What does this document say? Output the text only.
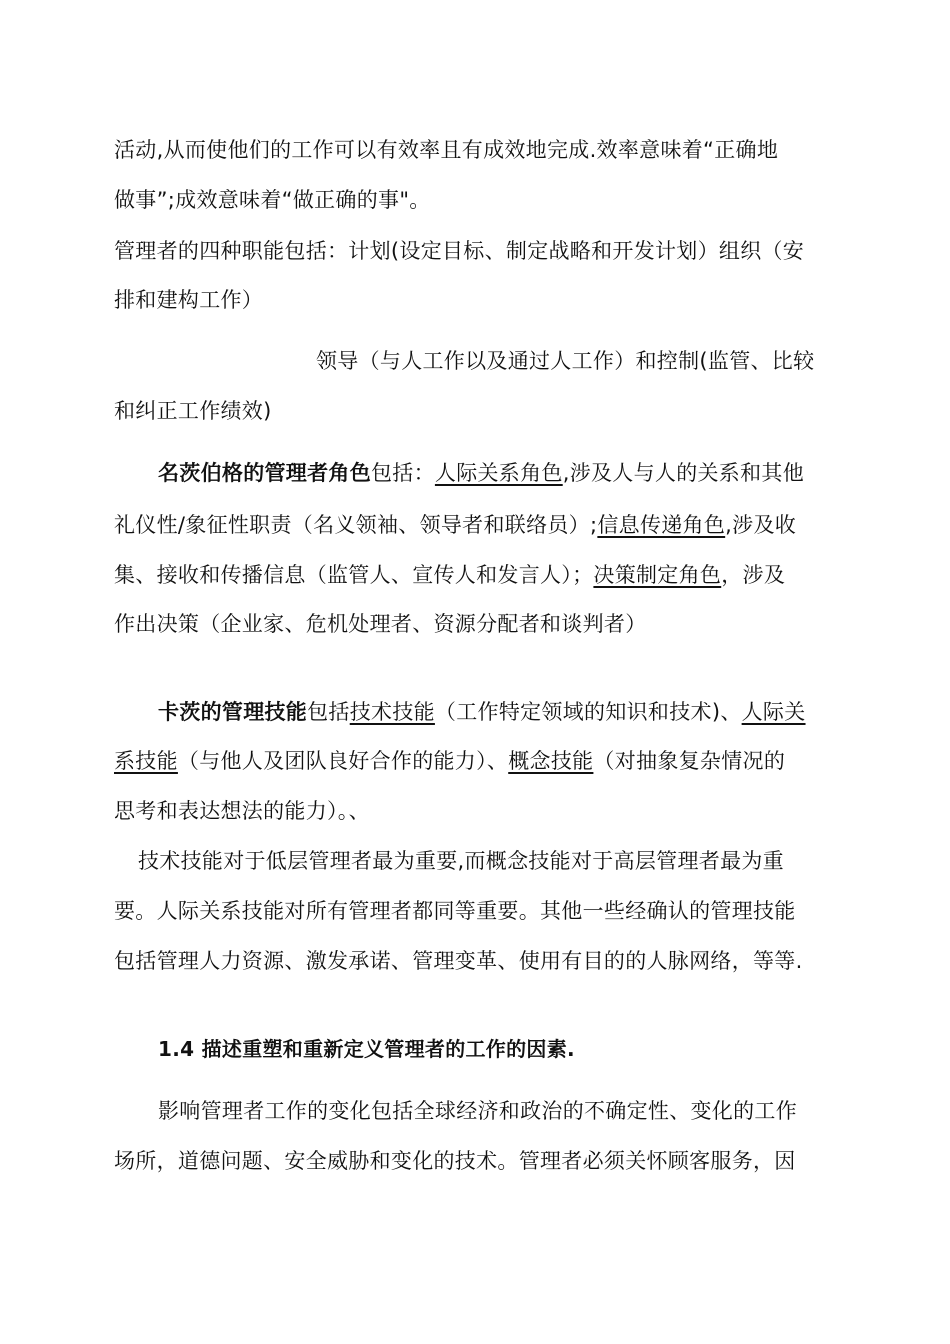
活动,从而使他们的工作可以有效率且有成效地完成.效率意味着“正确地
做事”;成效意味着“做正确的事"。
管理者的四种职能包括：计划(设定目标、制定战略和开发计划）组织（安
排和建构工作）
领导（与人工作以及通过人工作）和控制(监管、比较
和纠正工作绩效)
名茨伯格的管理者角色包括：人际关系角色,涉及人与人的关系和其他
礼仪性/象征性职责（名义领袖、领导者和联络员）;信息传递角色,涉及收
集、接收和传播信息（监管人、宣传人和发言人）；决策制定角色，涉及
作出决策（企业家、危机处理者、资源分配者和谈判者）
卡茨的管理技能包括技术技能（工作特定领域的知识和技术)、人际关
系技能（与他人及团队良好合作的能力）、概念技能（对抽象复杂情况的
思考和表达想法的能力）。、
技术技能对于低层管理者最为重要,而概念技能对于高层管理者最为重
要。人际关系技能对所有管理者都同等重要。其他一些经确认的管理技能
包括管理人力资源、激发承诺、管理变革、使用有目的的人脉网络，等等.
1.4 描述重塑和重新定义管理者的工作的因素.
影响管理者工作的变化包括全球经济和政治的不确定性、变化的工作
场所，道德问题、安全威胁和变化的技术。管理者必须关怀顾客服务，因
